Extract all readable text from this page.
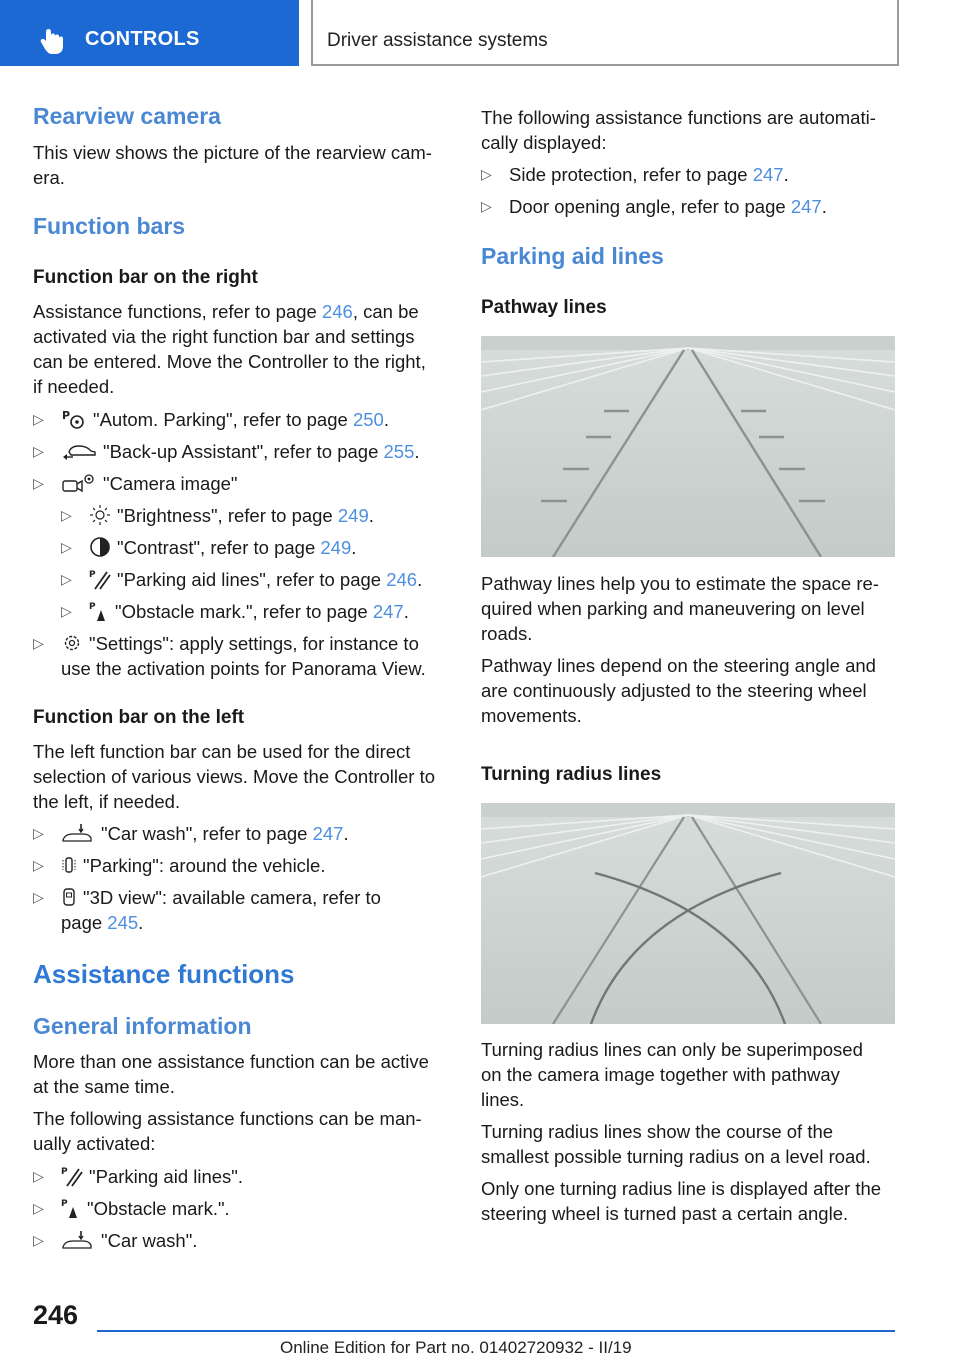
CONTROLS	Driver assistance systems
Rearview camera
This view shows the picture of the rearview cam-
era.
Function bars
Function bar on the right
Assistance functions, refer to page 246, can be
activated via the right function bar and settings
can be entered. Move the Controller to the right,
if needed.
▷ P "Autom. Parking", refer to page 250.
▷	"Back-up Assistant", refer to page 255.
▷	"Camera image"
▷	"Brightness", refer to page 249.
▷	"Contrast", refer to page 249.
▷ P "Parking aid lines", refer to page 246.
▷ P "Obstacle mark.", refer to page 247.
▷	"Settings": apply settings, for instance to
use the activation points for Panorama View.
Function bar on the left
The left function bar can be used for the direct
selection of various views. Move the Controller to
the left, if needed.
▷	"Car wash", refer to page 247.
▷	"Parking": around the vehicle.
▷	"3D view": available camera, refer to
page 245.
Assistance functions
General information
More than one assistance function can be active
at the same time.
The following assistance functions can be man-
ually activated:
▷ P "Parking aid lines".
▷ P "Obstacle mark.".
▷	"Car wash".
The following assistance functions are automati-
cally displayed:
▷ Side protection, refer to page 247.
▷ Door opening angle, refer to page 247.
Parking aid lines
Pathway lines
Pathway lines help you to estimate the space re-
quired when parking and maneuvering on level
roads.
Pathway lines depend on the steering angle and
are continuously adjusted to the steering wheel
movements.
Turning radius lines
Turning radius lines can only be superimposed
on the camera image together with pathway
lines.
Turning radius lines show the course of the
smallest possible turning radius on a level road.
Only one turning radius line is displayed after the
steering wheel is turned past a certain angle.
246
Online Edition for Part no. 01402720932 - II/19
